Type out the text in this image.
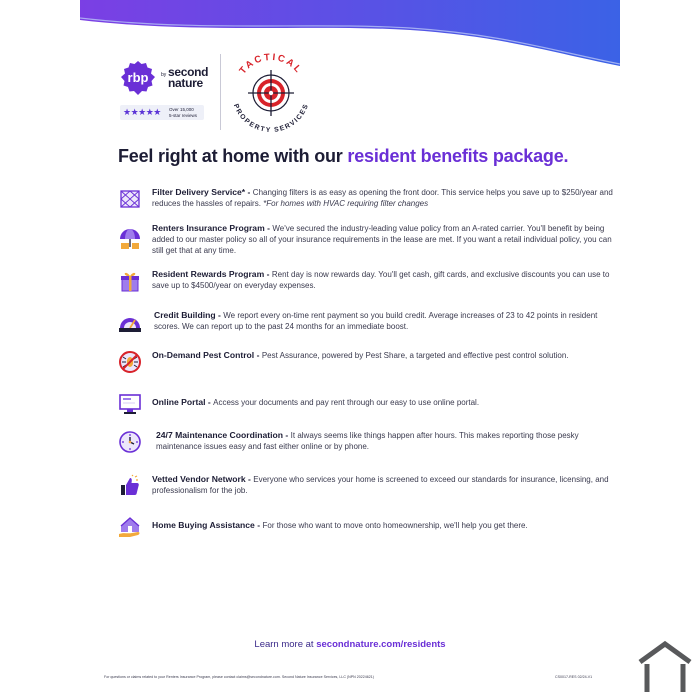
rbp	by second nature
★★★★★ Over 15,000
5-star reviews
TACTICAL
PROPERTY SERVICES
Feel right at home with our resident benefits package.
Filter Delivery Service* - Changing filters is as easy as opening the front door. This service helps you save up to $250/year and reduces the hassles of repairs. *For homes with HVAC requiring filter changes
Renters Insurance Program - We've secured the industry-leading value policy from an A-rated carrier. You'll benefit by being added to our master policy so all of your insurance requirements in the lease are met. If you want a retail individual policy, you can still get that at any time.
Resident Rewards Program - Rent day is now rewards day. You'll get cash, gift cards, and exclusive discounts you can use to save up to $4500/year on everyday expenses.
Credit Building - We report every on-time rent payment so you build credit. Average increases of 23 to 42 points in resident scores. We can report up to the past 24 months for an immediate boost.
On-Demand Pest Control - Pest Assurance, powered by Pest Share, a targeted and effective pest control solution.
Online Portal - Access your documents and pay rent through our easy to use online portal.
24/7 Maintenance Coordination - It always seems like things happen after hours. This makes reporting those pesky maintenance issues easy and fast either online or by phone.
Vetted Vendor Network - Everyone who services your home is screened to exceed our standards for insurance, licensing, and professionalism for the job.
Home Buying Assistance - For those who want to move onto homeownership, we'll help you get there.
Learn more at secondnature.com/residents
For questions or claims related to your Renters Insurance Program, please contact claims@secondnature.com. Second Nature Insurance Services, LLC (NPN 20224621)	CS0017-RES 02/24-V1
